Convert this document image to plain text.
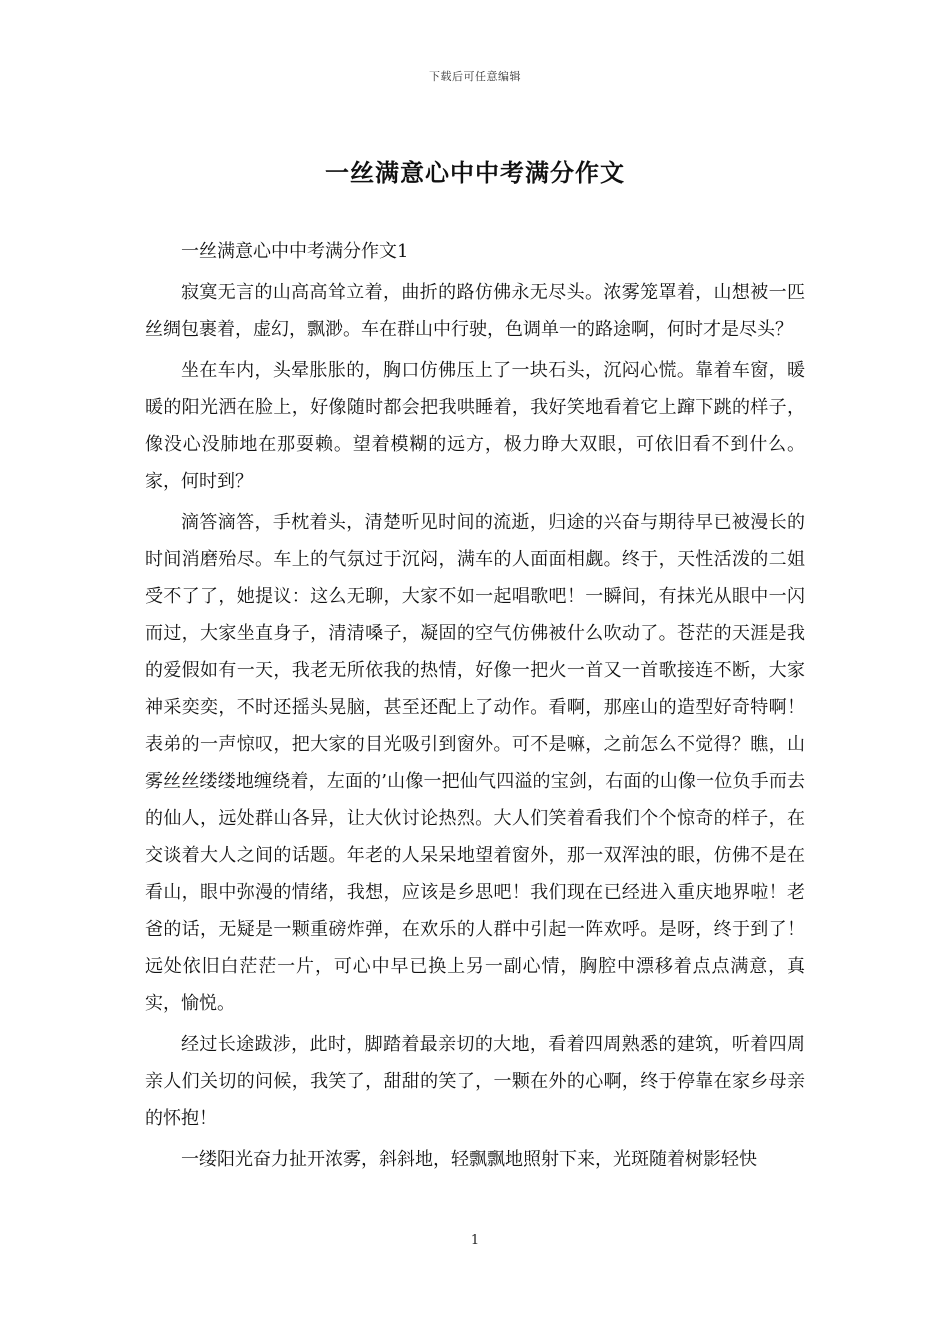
下载后可任意编辑
一丝满意心中中考满分作文

一丝满意心中中考满分作文1

寂寞无言的山高高耸立着，曲折的路仿佛永无尽头。浓雾笼罩着，山想被一匹丝绸包裹着，虚幻，飘渺。车在群山中行驶，色调单一的路途啊，何时才是尽头？

坐在车内，头晕胀胀的，胸口仿佛压上了一块石头，沉闷心慌。靠着车窗，暖暖的阳光洒在脸上，好像随时都会把我哄睡着，我好笑地看着它上蹿下跳的样子，像没心没肺地在那耍赖。望着模糊的远方，极力睁大双眼，可依旧看不到什么。家，何时到？

滴答滴答，手枕着头，清楚听见时间的流逝，归途的兴奋与期待早已被漫长的时间消磨殆尽。车上的气氛过于沉闷，满车的人面面相觑。终于，天性活泼的二姐受不了了，她提议：这么无聊，大家不如一起唱歌吧！一瞬间，有抹光从眼中一闪而过，大家坐直身子，清清嗓子，凝固的空气仿佛被什么吹动了。苍茫的天涯是我的爱假如有一天，我老无所依我的热情，好像一把火一首又一首歌接连不断，大家神采奕奕，不时还摇头晃脑，甚至还配上了动作。看啊，那座山的造型好奇特啊！表弟的一声惊叹，把大家的目光吸引到窗外。可不是嘛，之前怎么不觉得？瞧，山雾丝丝缕缕地缠绕着，左面的’山像一把仙气四溢的宝剑，右面的山像一位负手而去的仙人，远处群山各异，让大伙讨论热烈。大人们笑着看我们个个惊奇的样子，在交谈着大人之间的话题。年老的人呆呆地望着窗外，那一双浑浊的眼，仿佛不是在看山，眼中弥漫的情绪，我想，应该是乡思吧！我们现在已经进入重庆地界啦！老爸的话，无疑是一颗重磅炸弹，在欢乐的人群中引起一阵欢呼。是呀，终于到了！远处依旧白茫茫一片，可心中早已换上另一副心情，胸腔中漂移着点点满意，真实，愉悦。

经过长途跋涉，此时，脚踏着最亲切的大地，看着四周熟悉的建筑，听着四周亲人们关切的问候，我笑了，甜甜的笑了，一颗在外的心啊，终于停靠在家乡母亲的怀抱！

一缕阳光奋力扯开浓雾，斜斜地，轻飘飘地照射下来，光斑随着树影轻快

1
